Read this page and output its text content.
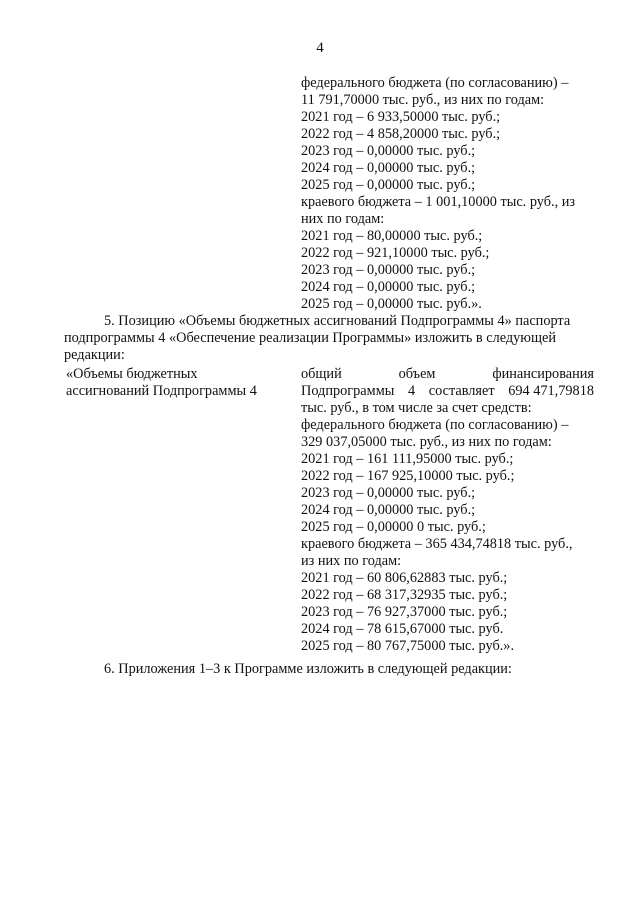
4
федерального бюджета (по согласованию) –
11 791,70000 тыс. руб., из них по годам:
2021 год – 6 933,50000 тыс. руб.;
2022 год – 4 858,20000 тыс. руб.;
2023 год – 0,00000 тыс. руб.;
2024 год – 0,00000 тыс. руб.;
2025 год – 0,00000 тыс. руб.;
краевого бюджета – 1 001,10000 тыс. руб., из
них по годам:
2021 год – 80,00000 тыс. руб.;
2022 год – 921,10000 тыс. руб.;
2023 год – 0,00000 тыс. руб.;
2024 год – 0,00000 тыс. руб.;
2025 год – 0,00000 тыс. руб.».
5. Позицию «Объемы бюджетных ассигнований Подпрограммы 4» паспорта
подпрограммы 4 «Обеспечение реализации Программы» изложить в следующей
редакции:
«Объемы бюджетных
ассигнований Подпрограммы 4
общий	объем	финансирования
Подпрограммы 4 составляет 694 471,79818
тыс. руб., в том числе за счет средств:
федерального бюджета (по согласованию) –
329 037,05000 тыс. руб., из них по годам:
2021 год – 161 111,95000 тыс. руб.;
2022 год – 167 925,10000 тыс. руб.;
2023 год – 0,00000 тыс. руб.;
2024 год – 0,00000 тыс. руб.;
2025 год – 0,00000 0 тыс. руб.;
краевого бюджета – 365 434,74818 тыс. руб.,
из них по годам:
2021 год – 60 806,62883 тыс. руб.;
2022 год – 68 317,32935 тыс. руб.;
2023 год – 76 927,37000 тыс. руб.;
2024 год – 78 615,67000 тыс. руб.
2025 год – 80 767,75000 тыс. руб.».
6. Приложения 1–3 к Программе изложить в следующей редакции:
